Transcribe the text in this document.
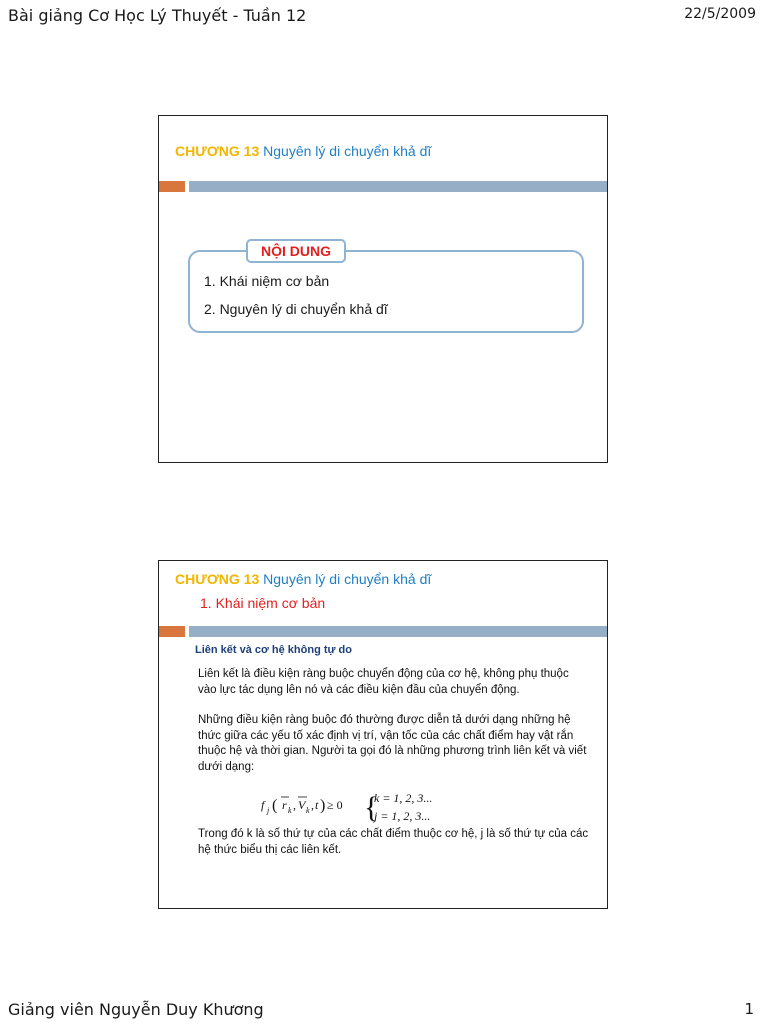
Bài giảng Cơ Học Lý Thuyết - Tuần 12	22/5/2009
CHƯƠNG 13 Nguyên lý di chuyển khả dĩ
NỘI DUNG
1. Khái niệm cơ bản
2. Nguyên lý di chuyển khả dĩ
CHƯƠNG 13 Nguyên lý di chuyển khả dĩ
1. Khái niệm cơ bản
Liên kết và cơ hệ không tự do
Liên kết là điều kiện ràng buộc chuyển động của cơ hệ, không phụ thuộc vào lực tác dụng lên nó và các điều kiện đầu của chuyển động.
Những điều kiện ràng buộc đó thường được diễn tả dưới dạng những hệ thức giữa các yếu tố xác định vị trí, vận tốc của các chất điểm hay vật rắn thuộc hệ và thời gian. Người ta gọi đó là những phương trình liên kết và viết dưới dạng:
f j ( r k , V k , t ) ≥ 0 {
k = 1, 2, 3...
j = 1, 2, 3...
Trong đó k là số thứ tự của các chất điểm thuộc cơ hệ, j là số thứ tự của các hệ thức biểu thị các liên kết.
Giảng viên Nguyễn Duy Khương	1
